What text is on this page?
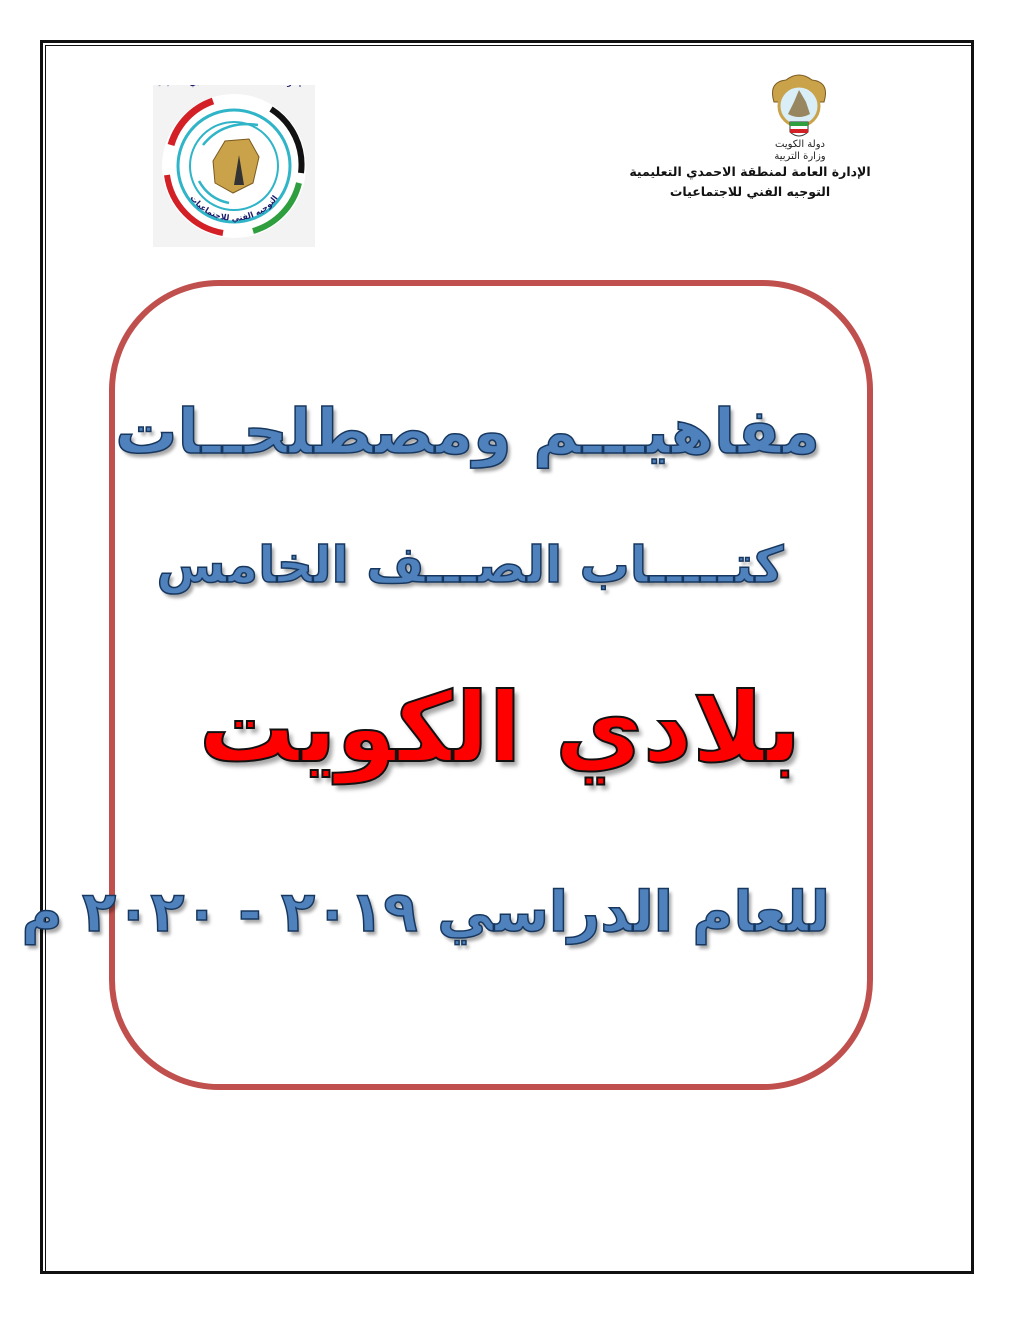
التوجيه الفني للاجتماعيات
دولة الكويت
وزارة التربية
الإدارة العامة لمنطقة الاحمدي التعليمية
التوجيه الفني للاجتماعيات
مفاهيـــم ومصطلحــات
كتـــــاب الصـــف الخامس
بلادي الكويت
للعام الدراسي ٢٠١٩ - ٢٠٢٠ م
